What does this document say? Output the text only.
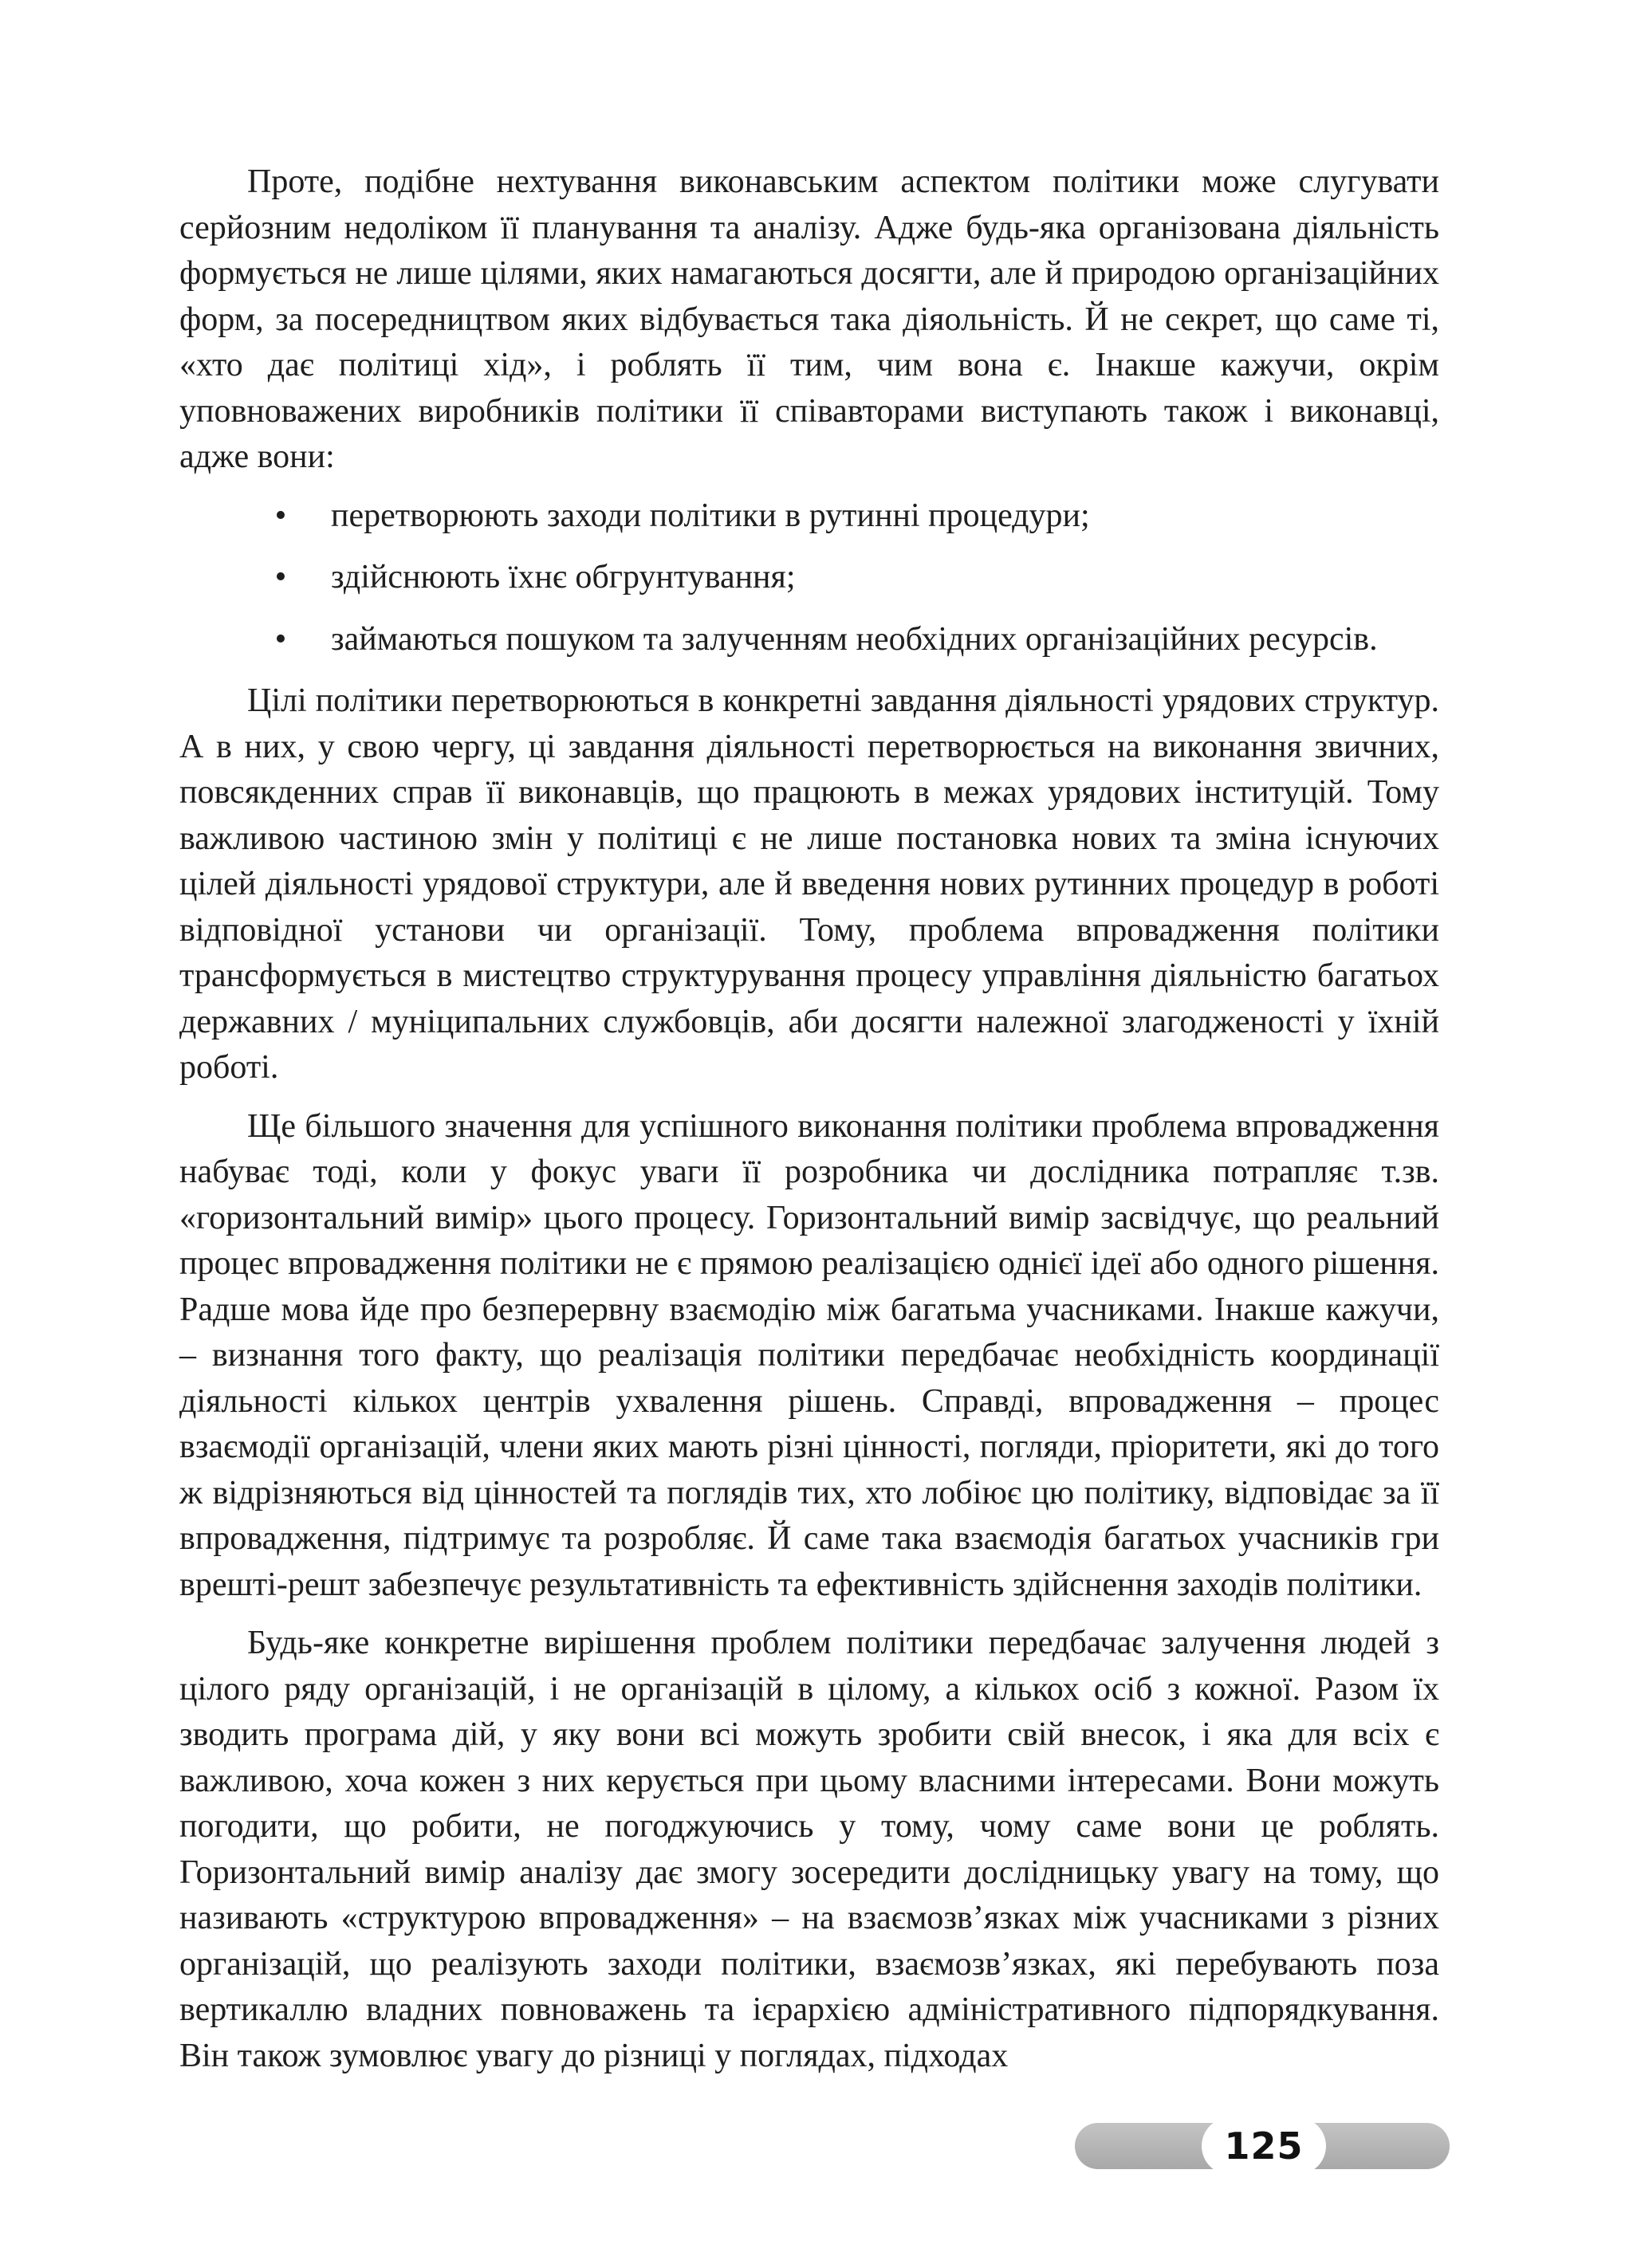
Проте, подібне нехтування виконавським аспектом політики може слугувати серйозним недоліком її планування та аналізу. Адже будь-яка організована діяльність формується не лише цілями, яких намагаються досягти, але й природою організаційних форм, за посередництвом яких відбувається така діяольність. Й не секрет, що саме ті, «хто дає політиці хід», і роблять її тим, чим вона є. Інакше кажучи, окрім уповноважених виробників політики її співавторами виступають також і виконавці, адже вони:

• перетворюють заходи політики в рутинні процедури;
• здійснюють їхнє обгрунтування;
• займаються пошуком та залученням необхідних організаційних ресурсів.

Цілі політики перетворюються в конкретні завдання діяльності урядових структур. А в них, у свою чергу, ці завдання діяльності перетворюється на виконання звичних, повсякденних справ її виконавців, що працюють в межах урядових інституцій. Тому важливою частиною змін у політиці є не лише постановка нових та зміна існуючих цілей діяльності урядової структури, але й введення нових рутинних процедур в роботі відповідної установи чи організації. Тому, проблема впровадження політики трансформується в мистецтво структурування процесу управління діяльністю багатьох державних / муніципальних службовців, аби досягти належної злагодженості у їхній роботі.

Ще більшого значення для успішного виконання політики проблема впровадження набуває тоді, коли у фокус уваги її розробника чи дослідника потрапляє т.зв. «горизонтальний вимір» цього процесу. Горизонтальний вимір засвідчує, що реальний процес впровадження політики не є прямою реалізацією однієї ідеї або одного рішення. Радше мова йде про безперервну взаємодію між багатьма учасниками. Інакше кажучи, – визнання того факту, що реалізація політики передбачає необхідність координації діяльності кількох центрів ухвалення рішень. Справді, впровадження – процес взаємодії організацій, члени яких мають різні цінності, погляди, пріоритети, які до того ж відрізняються від цінностей та поглядів тих, хто лобіює цю політику, відповідає за її впровадження, підтримує та розробляє. Й саме така взаємодія багатьох учасників гри врешті-решт забезпечує результативність та ефективність здійснення заходів політики.

Будь-яке конкретне вирішення проблем політики передбачає залучення людей з цілого ряду організацій, і не організацій в цілому, а кількох осіб з кожної. Разом їх зводить програма дій, у яку вони всі можуть зробити свій внесок, і яка для всіх є важливою, хоча кожен з них керується при цьому власними інтересами. Вони можуть погодити, що робити, не погоджуючись у тому, чому саме вони це роблять. Горизонтальний вимір аналізу дає змогу зосередити дослідницьку увагу на тому, що називають «структурою впровадження» – на взаємозв’язках між учасниками з різних організацій, що реалізують заходи політики, взаємозв’язках, які перебувають поза вертикаллю владних повноважень та ієрархією адміністративного підпорядкування. Він також зумовлює увагу до різниці у поглядах, підходах

125
